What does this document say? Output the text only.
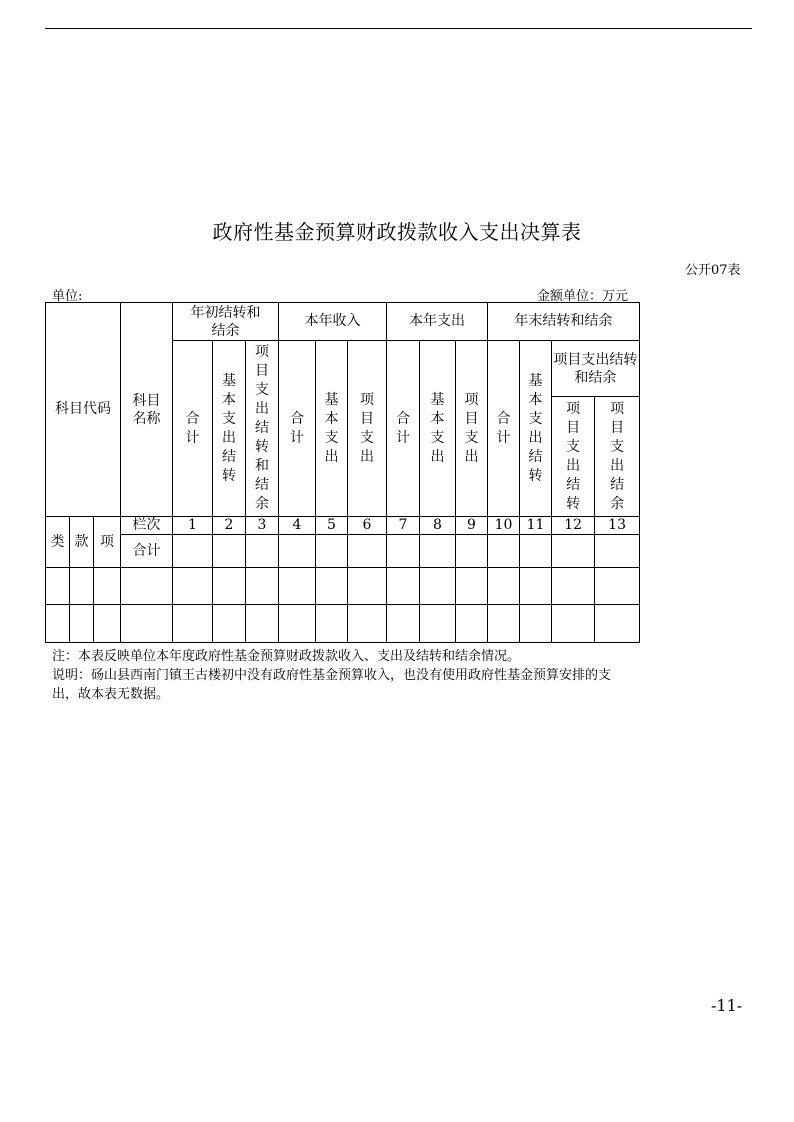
政府性基金预算财政拨款收入支出决算表
公开07表
单位:	金额单位：万元
科目代码			科目名称	年初结转和结余			本年收入			本年支出			年末结转和结余			
				合计	基本支出结转	项目支出结转和结余	合计	基本支出	项目支出	合计	基本支出	项目支出	合计	基本支出结转	项目支出结转和结余	
															项目支出结转	项目支出结余

类	款	项	栏次	1	2	3	4	5	6	7	8	9	10	11	12	13
			合计													

注：本表反映单位本年度政府性基金预算财政拨款收入、支出及结转和结余情况。

说明：砀山县西南门镇王古楼初中没有政府性基金预算收入，也没有使用政府性基金预算安排的支出，故本表无数据。

-11-
